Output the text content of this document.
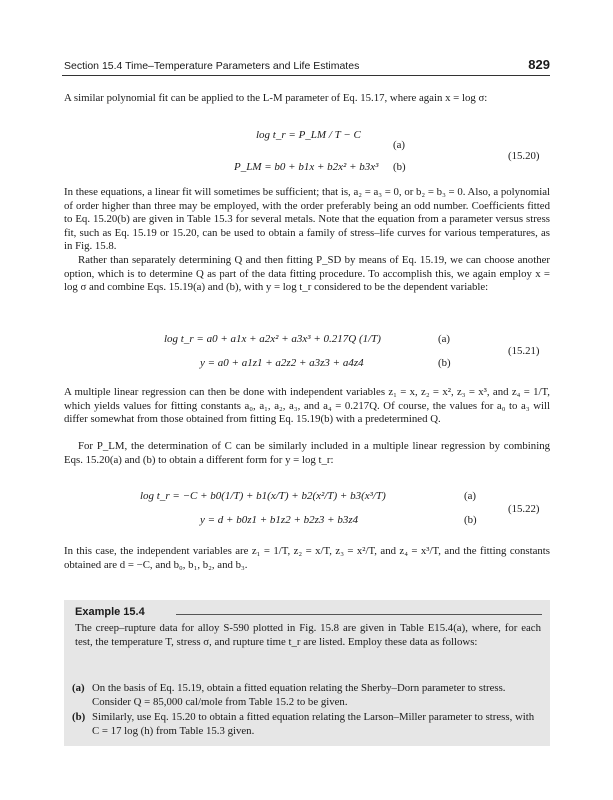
Section 15.4 Time–Temperature Parameters and Life Estimates	829
A similar polynomial fit can be applied to the L-M parameter of Eq. 15.17, where again x = log σ:
log t_r = P_LM / T − C
(a)
P_LM = b0 + b1x + b2x² + b3x³ (b)
(15.20)
In these equations, a linear fit will sometimes be sufficient; that is, a₂ = a₃ = 0, or b₂ = b₃ = 0. Also, a polynomial of order higher than three may be employed, with the order preferably being an odd number. Coefficients fitted to Eq. 15.20(b) are given in Table 15.3 for several metals. Note that the equation from a parameter versus stress fit, such as Eq. 15.19 or 15.20, can be used to obtain a family of stress–life curves for various temperatures, as in Fig. 15.8.
Rather than separately determining Q and then fitting P_SD by means of Eq. 15.19, we can choose another option, which is to determine Q as part of the data fitting procedure. To accomplish this, we again employ x = log σ and combine Eqs. 15.19(a) and (b), with y = log t_r considered to be the dependent variable:
log t_r = a0 + a1x + a2x² + a3x³ + 0.217Q (1/T)	(a)
y = a0 + a1z1 + a2z2 + a3z3 + a4z4	(b)
(15.21)
A multiple linear regression can then be done with independent variables z₁ = x, z₂ = x², z₃ = x³, and z₄ = 1/T, which yields values for fitting constants a₀, a₁, a₂, a₃, and a₄ = 0.217Q. Of course, the values for a₀ to a₃ will differ somewhat from those obtained from fitting Eq. 15.19(b) with a predetermined Q.
For P_LM, the determination of C can be similarly included in a multiple linear regression by combining Eqs. 15.20(a) and (b) to obtain a different form for y = log t_r:
log t_r = −C + b0(1/T) + b1(x/T) + b2(x²/T) + b3(x³/T)	(a)
y = d + b0z1 + b1z2 + b2z3 + b3z4	(b)
(15.22)
In this case, the independent variables are z₁ = 1/T, z₂ = x/T, z₃ = x²/T, and z₄ = x³/T, and the fitting constants obtained are d = −C, and b₀, b₁, b₂, and b₃.
Example 15.4
The creep–rupture data for alloy S-590 plotted in Fig. 15.8 are given in Table E15.4(a), where, for each test, the temperature T, stress σ, and rupture time t_r are listed. Employ these data as follows:
(a) On the basis of Eq. 15.19, obtain a fitted equation relating the Sherby–Dorn parameter to stress. Consider Q = 85,000 cal/mole from Table 15.2 to be given.
(b) Similarly, use Eq. 15.20 to obtain a fitted equation relating the Larson–Miller parameter to stress, with C = 17 log (h) from Table 15.3 given.
